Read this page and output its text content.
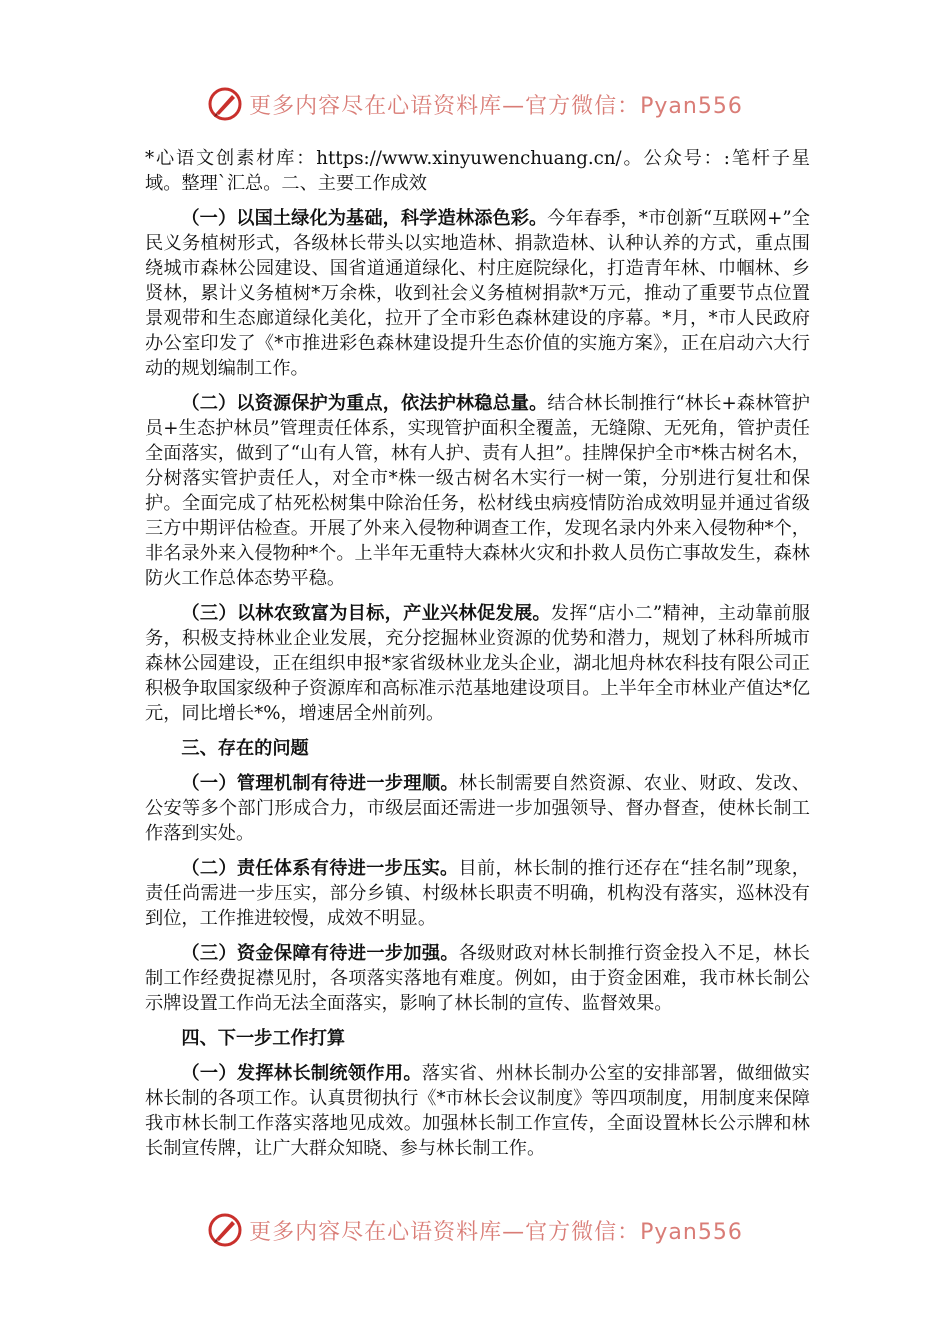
更多内容尽在心语资料库—官方微信：Pyan556

*心语文创素材库：https://www.xinyuwenchuang.cn/。公众号：:笔杆子星域。整理`汇总。二、主要工作成效

（一）以国土绿化为基础，科学造林添色彩。今年春季，*市创新“互联网+”全民义务植树形式，各级林长带头以实地造林、捐款造林、认种认养的方式，重点围绕城市森林公园建设、国省道通道绿化、村庄庭院绿化，打造青年林、巾帼林、乡贤林，累计义务植树*万余株，收到社会义务植树捐款*万元，推动了重要节点位置景观带和生态廊道绿化美化，拉开了全市彩色森林建设的序幕。*月，*市人民政府办公室印发了《*市推进彩色森林建设提升生态价值的实施方案》，正在启动六大行动的规划编制工作。

（二）以资源保护为重点，依法护林稳总量。结合林长制推行“林长+森林管护员+生态护林员”管理责任体系，实现管护面积全覆盖，无缝隙、无死角，管护责任全面落实，做到了“山有人管，林有人护、责有人担”。挂牌保护全市*株古树名木，分树落实管护责任人，对全市*株一级古树名木实行一树一策，分别进行复壮和保护。全面完成了枯死松树集中除治任务，松材线虫病疫情防治成效明显并通过省级三方中期评估检查。开展了外来入侵物种调查工作，发现名录内外来入侵物种*个，非名录外来入侵物种*个。上半年无重特大森林火灾和扑救人员伤亡事故发生，森林防火工作总体态势平稳。

（三）以林农致富为目标，产业兴林促发展。发挥“店小二”精神，主动靠前服务，积极支持林业企业发展，充分挖掘林业资源的优势和潜力，规划了林科所城市森林公园建设，正在组织申报*家省级林业龙头企业，湖北旭舟林农科技有限公司正积极争取国家级种子资源库和高标准示范基地建设项目。上半年全市林业产值达*亿元，同比增长*%，增速居全州前列。

三、存在的问题

（一）管理机制有待进一步理顺。林长制需要自然资源、农业、财政、发改、公安等多个部门形成合力，市级层面还需进一步加强领导、督办督查，使林长制工作落到实处。

（二）责任体系有待进一步压实。目前，林长制的推行还存在“挂名制”现象，责任尚需进一步压实，部分乡镇、村级林长职责不明确，机构没有落实，巡林没有到位，工作推进较慢，成效不明显。

（三）资金保障有待进一步加强。各级财政对林长制推行资金投入不足，林长制工作经费捉襟见肘，各项落实落地有难度。例如，由于资金困难，我市林长制公示牌设置工作尚无法全面落实，影响了林长制的宣传、监督效果。

四、下一步工作打算

（一）发挥林长制统领作用。落实省、州林长制办公室的安排部署，做细做实林长制的各项工作。认真贯彻执行《*市林长会议制度》等四项制度，用制度来保障我市林长制工作落实落地见成效。加强林长制工作宣传，全面设置林长公示牌和林长制宣传牌，让广大群众知晓、参与林长制工作。

更多内容尽在心语资料库—官方微信：Pyan556
